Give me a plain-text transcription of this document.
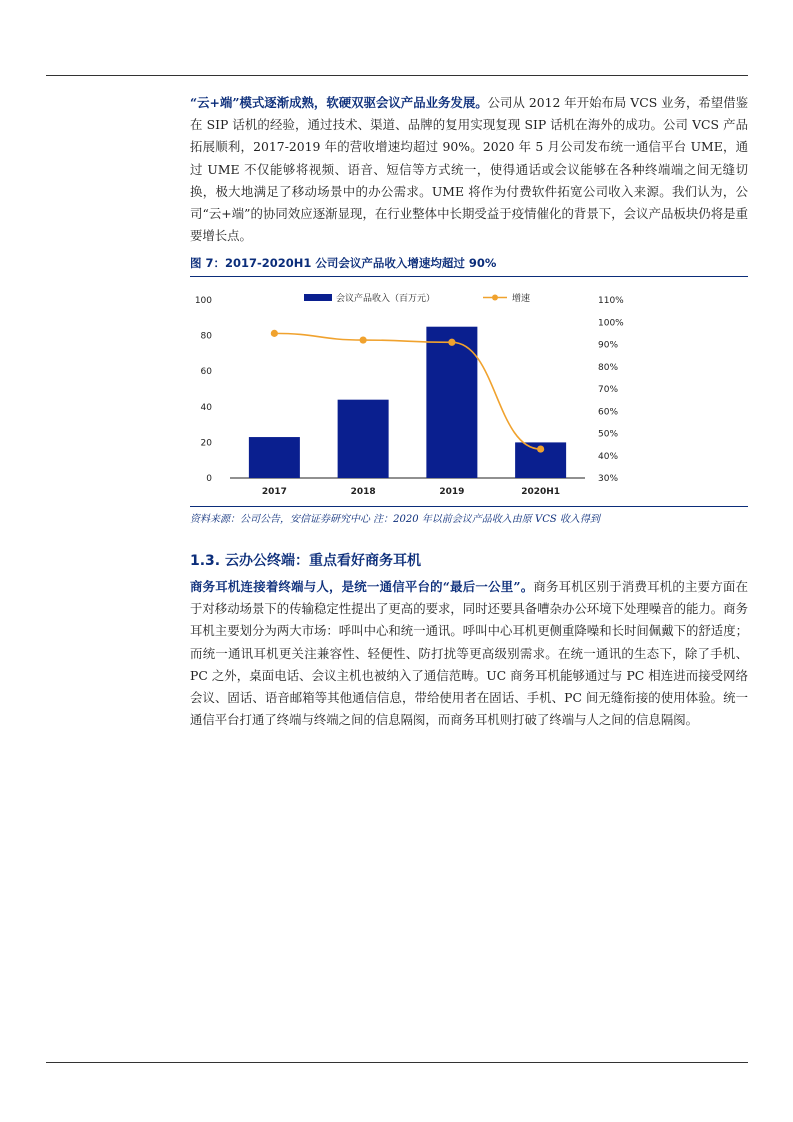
“云+端”模式逐渐成熟，软硬双驱会议产品业务发展。公司从 2012 年开始布局 VCS 业务，希望借鉴在 SIP 话机的经验，通过技术、渠道、品牌的复用实现复现 SIP 话机在海外的成功。公司 VCS 产品拓展顺利，2017-2019 年的营收增速均超过 90%。2020 年 5 月公司发布统一通信平台 UME，通过 UME 不仅能够将视频、语音、短信等方式统一，使得通话或会议能够在各种终端端之间无缝切换，极大地满足了移动场景中的办公需求。UME 将作为付费软件拓宽公司收入来源。我们认为，公司“云+端”的协同效应逐渐显现，在行业整体中长期受益于疫情催化的背景下，会议产品板块仍将是重要增长点。
图 7：2017-2020H1 公司会议产品收入增速均超过 90%
0
20
40
60
80
100
30%
40%
50%
60%
70%
80%
90%
100%
110%
2017	2018	2019	2020H1
会议产品收入（百万元）	增速
资料来源：公司公告，安信证券研究中心 注：2020 年以前会议产品收入由原 VCS 收入得到
1.3. 云办公终端：重点看好商务耳机
商务耳机连接着终端与人，是统一通信平台的“最后一公里”。商务耳机区别于消费耳机的主要方面在于对移动场景下的传输稳定性提出了更高的要求，同时还要具备嘈杂办公环境下处理噪音的能力。商务耳机主要划分为两大市场：呼叫中心和统一通讯。呼叫中心耳机更侧重降噪和长时间佩戴下的舒适度；而统一通讯耳机更关注兼容性、轻便性、防打扰等更高级别需求。在统一通讯的生态下，除了手机、PC 之外，桌面电话、会议主机也被纳入了通信范畴。UC 商务耳机能够通过与 PC 相连进而接受网络会议、固话、语音邮箱等其他通信信息，带给使用者在固话、手机、PC 间无缝衔接的使用体验。统一通信平台打通了终端与终端之间的信息隔阂，而商务耳机则打破了终端与人之间的信息隔阂。
